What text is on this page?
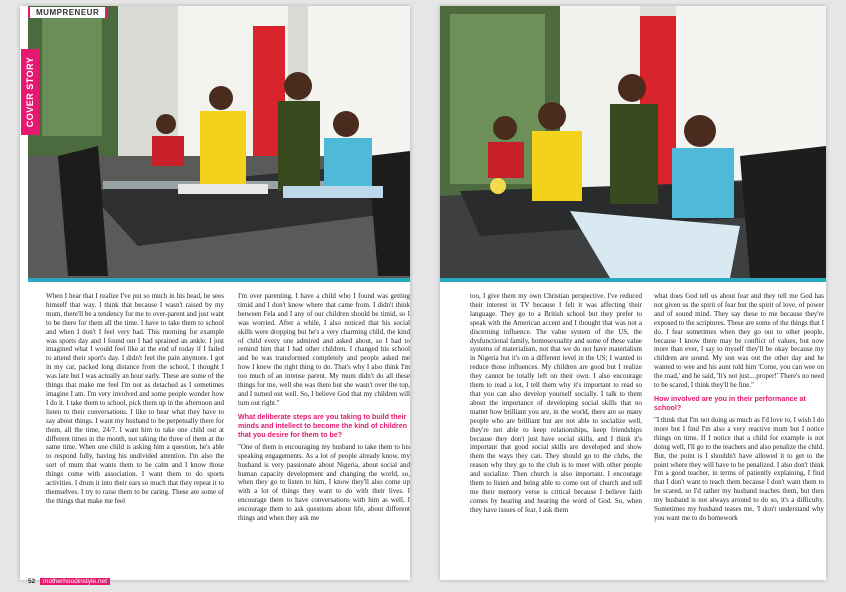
MUMPRENEUR
COVER STORY

When I hear that I realize I've put so much in his head, he sees himself that way. I think that because I wasn't raised by my mum, there'll be a tendency for me to over-parent and just want to be there for them all the time. I have to take them to school and when I don't I feel very bad. This morning for example was sports day and I found out I had sprained an ankle. I just imagined what I would feel like at the end of today if I failed to attend their sport's day. I didn't feel the pain anymore. I got in my car, packed long distance from the school, I thought I was late but I was actually an hour early. These are some of the things that make me feel I'm not as detached as I sometimes imagine I am. I'm very involved and some people wonder how I do it. I take them to school, pick them up in the afternoon and listen to their conversations. I like to hear what they have to say about things. I want my husband to be perpetually there for them, all the time, 24/7. I want him to take one child out at different times in the month, not taking the three of them at the same time. When one child is asking him a question, he's able to respond fully, having his undivided attention. I'm also the sort of mum that wants them to be calm and I know those things come with association. I want them to do sports activities. I drum it into their ears so much that they repeat it to themselves. I try to raise them to be caring. These are some of the things that make me feel

I'm over parenting. I have a child who I found was getting timid and I don't know where that came from. I didn't think between Fela and I any of our children should be timid, so I was worried. After a while, I also noticed that his social skills were dropping but he's a very charming child, the kind of child every one admired and asked about, so I had to remind him that I had other children. I changed his school and he was transformed completely and people asked me how I knew the right thing to do. That's why I also think I'm too much of an intense parent. My mum didn't do all these things for me, well she was there but she wasn't over the top, and I turned out well. So, I believe God that my children will turn out right."

What deliberate steps are you taking to build their minds and intellect to become the kind of children that you desire for them to be?

"One of them is encouraging my husband to take them to his speaking engagements. As a lot of people already know, my husband is very passionate about Nigeria, about social and human capacity development and changing the world, so, when they go to listen to him, I know they'll also come up with a lot of things they want to do with their lives. I encourage them to have conversations with him as well, I encourage them to ask questions about life, about different things and when they ask me

too, I give them my own Christian perspective. I've reduced their interest in TV because I felt it was affecting their language. They go to a British school but they prefer to speak with the American accent and I thought that was not a discerning influence. The value system of the US, the dysfunctional family, homosexuality and some of these value systems of materialism, not that we do not have materialism in Nigeria but it's on a different level in the US; I wanted to reduce those influences. My children are good but I realize they cannot be totally left on their own. I also encourage them to read a lot, I tell them why it's important to read so that you can also develop yourself socially. I talk to them about the importance of developing social skills that no matter how brilliant you are, in the world, there are so many people who are brilliant but are not able to socialize well, they're not able to keep relationships, keep friendships because they don't just have social skills, and I think it's important that good social skills are developed and show them the ways they can. They should go to the clubs, the reason why they go to the club is to meet with other people and socialize. Then church is also important. I encourage them to listen and being able to come out of church and tell me their memory verse is critical because I believe faith comes by hearing and hearing the word of God. So, when they have issues of fear, I ask them

what does God tell us about fear and they tell me God has not given us the spirit of fear but the spirit of love, of power and of sound mind. They say these to me because they're exposed to the scriptures. These are some of the things that I do. I fear sometimes when they go out to other people, because I know there may be conflict of values, but now more than ever, I say to myself they'll be okay because my children are sound. My son was out the other day and he wanted to wee and his aunt told him 'Come, you can wee on the road,' and he said, 'It's not just....proper!' There's no need to be scared, I think they'll be fine."

How involved are you in their performance at school?

"I think that I'm not doing as much as I'd love to, I wish I do more but I find I'm also a very reactive mum but I notice things on time. If I notice that a child for example is not doing well, I'll go to the teachers and also penalize the child. But, the point is I shouldn't have allowed it to get to the point where they will have to be penalized. I also don't think I'm a good teacher, in terms of patiently explaining, I find that I don't want to teach them because I don't want them to be scared, so I'd rather my husband teaches them, but then my husband is not always around to do so, it's a difficulty. Sometimes my husband teases me, 'I don't understand why you want me to do homework

52 motherhoodinstyle.net
